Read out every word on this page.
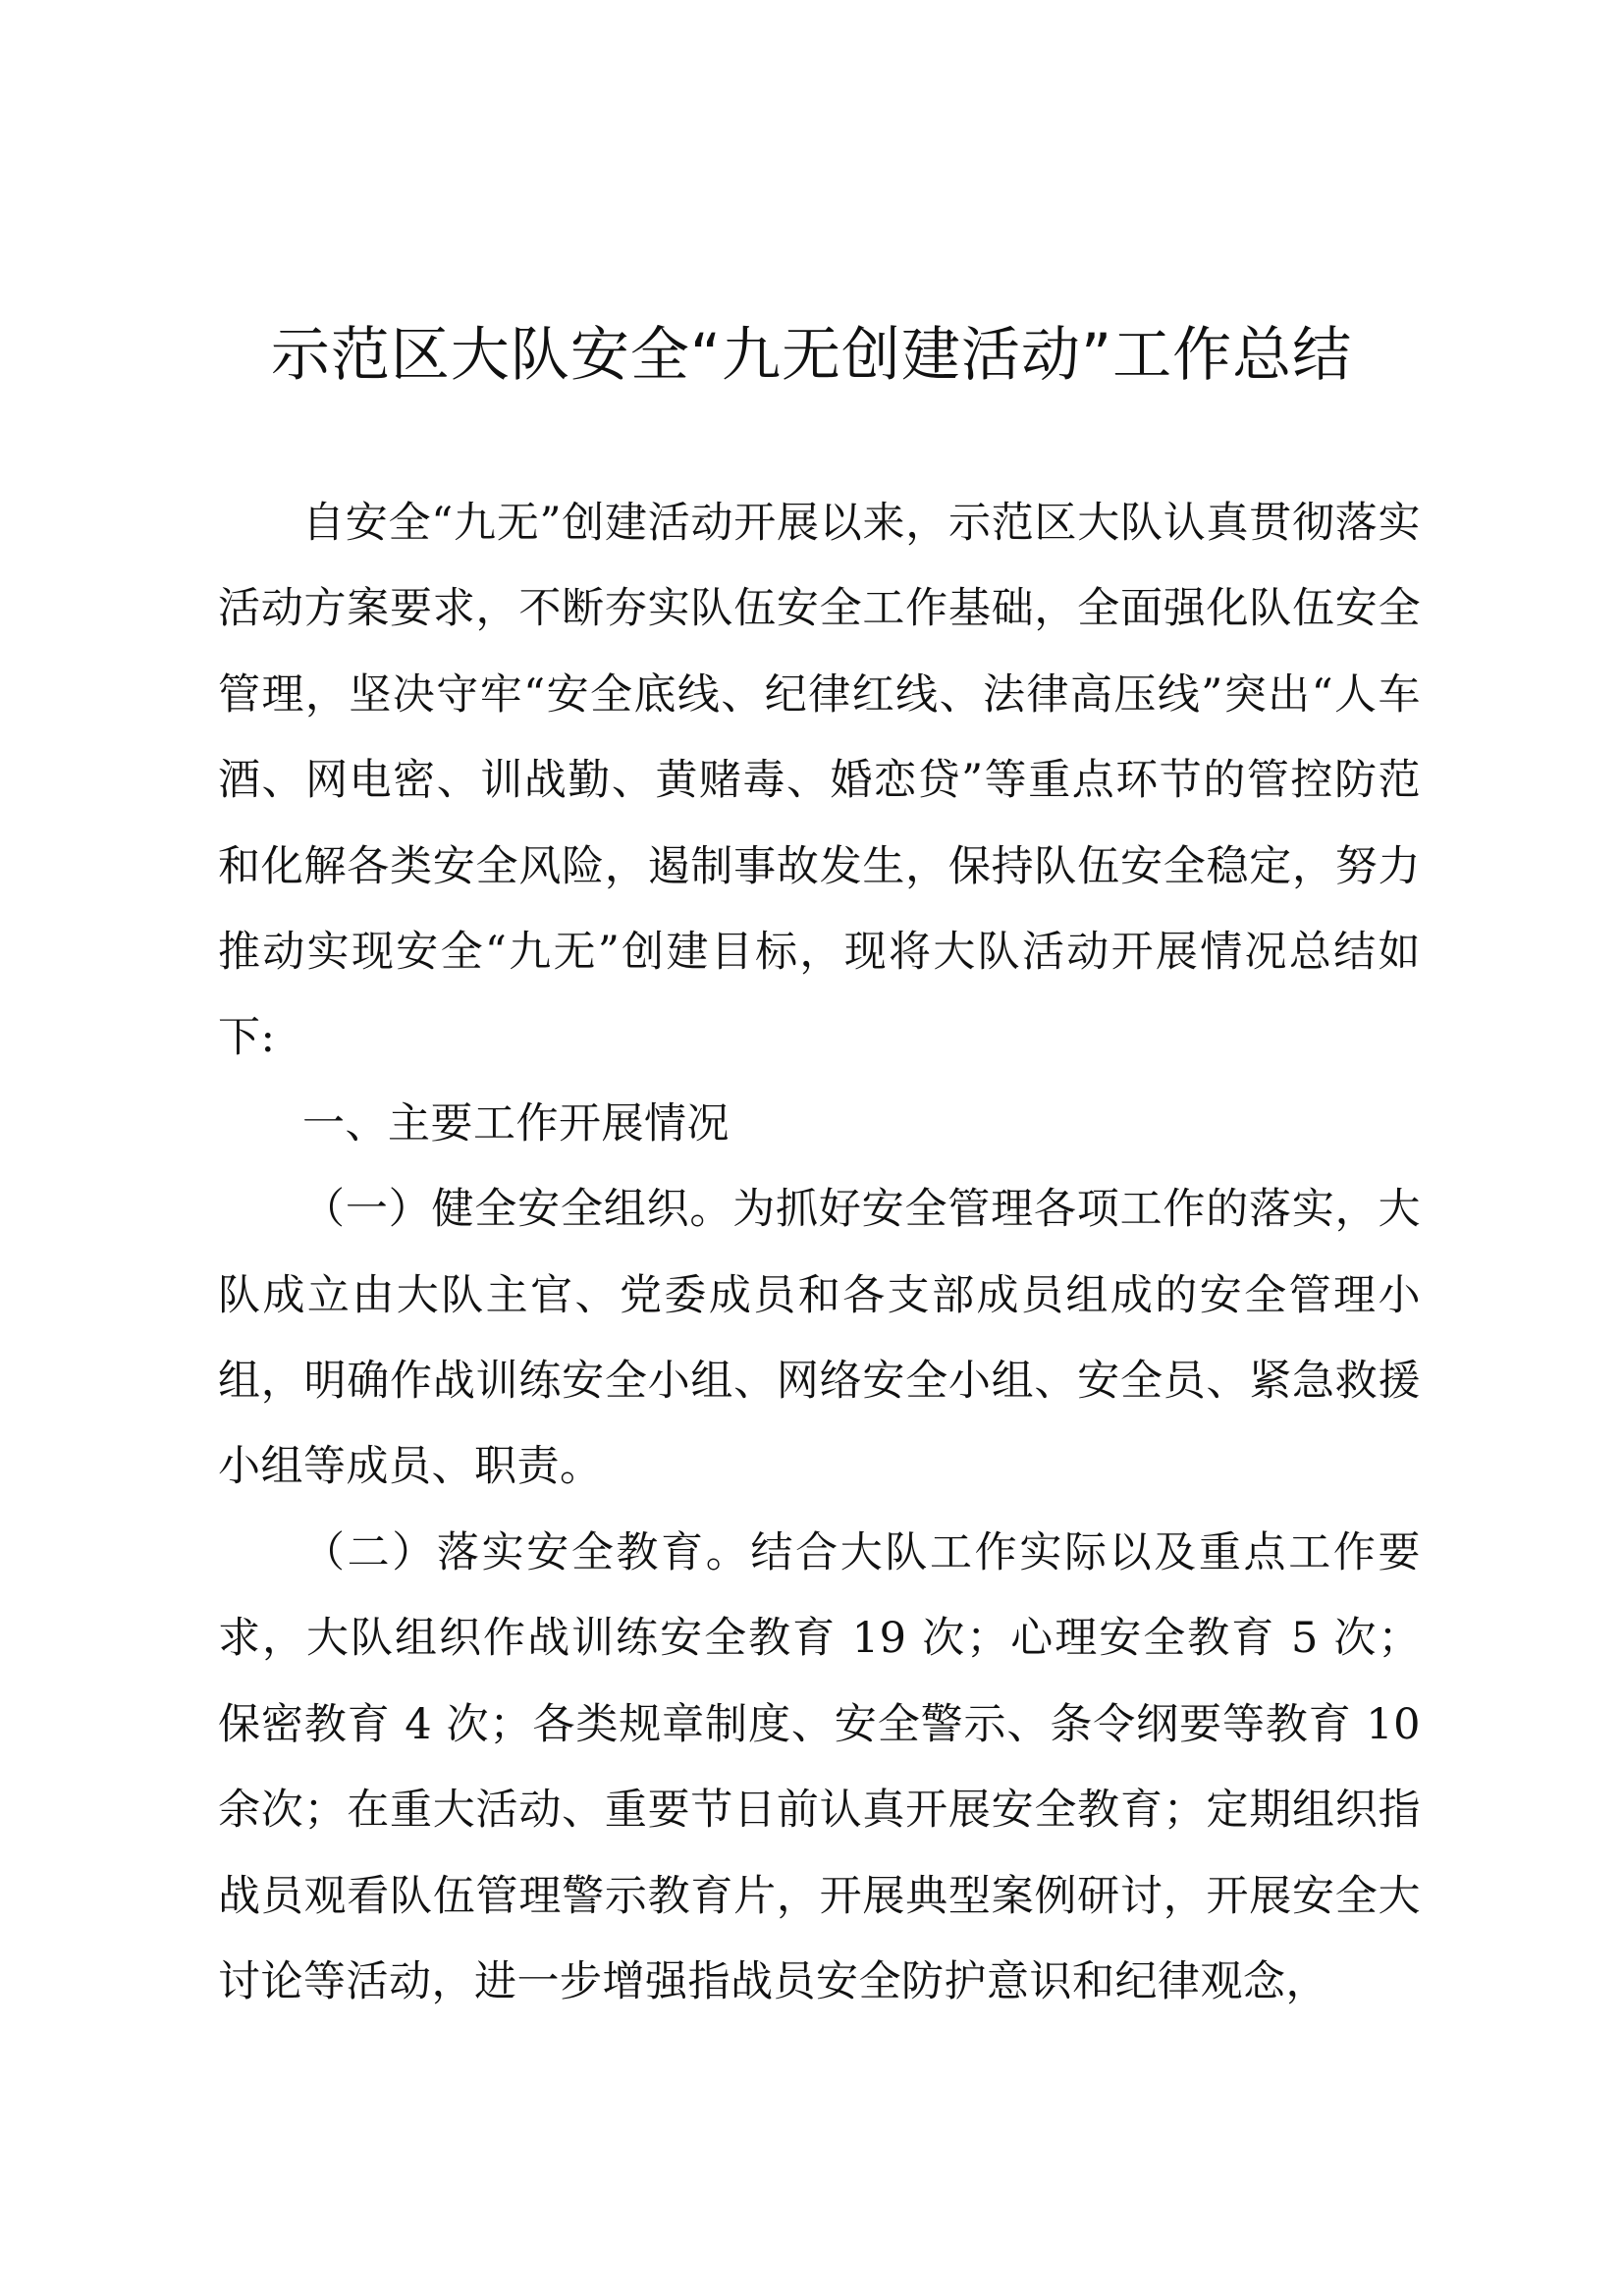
示范区大队安全“九无创建活动”工作总结

自安全“九无”创建活动开展以来，示范区大队认真贯彻落实活动方案要求，不断夯实队伍安全工作基础，全面强化队伍安全管理，坚决守牢“安全底线、纪律红线、法律高压线”突出“人车酒、网电密、训战勤、黄赌毒、婚恋贷”等重点环节的管控防范和化解各类安全风险，遏制事故发生，保持队伍安全稳定，努力推动实现安全“九无”创建目标，现将大队活动开展情况总结如下:

一、主要工作开展情况

（一）健全安全组织。为抓好安全管理各项工作的落实，大队成立由大队主官、党委成员和各支部成员组成的安全管理小组，明确作战训练安全小组、网络安全小组、安全员、紧急救援小组等成员、职责。

（二）落实安全教育。结合大队工作实际以及重点工作要求，大队组织作战训练安全教育 19 次；心理安全教育 5 次；保密教育 4 次；各类规章制度、安全警示、条令纲要等教育 10 余次；在重大活动、重要节日前认真开展安全教育；定期组织指战员观看队伍管理警示教育片，开展典型案例研讨，开展安全大讨论等活动，进一步增强指战员安全防护意识和纪律观念，
